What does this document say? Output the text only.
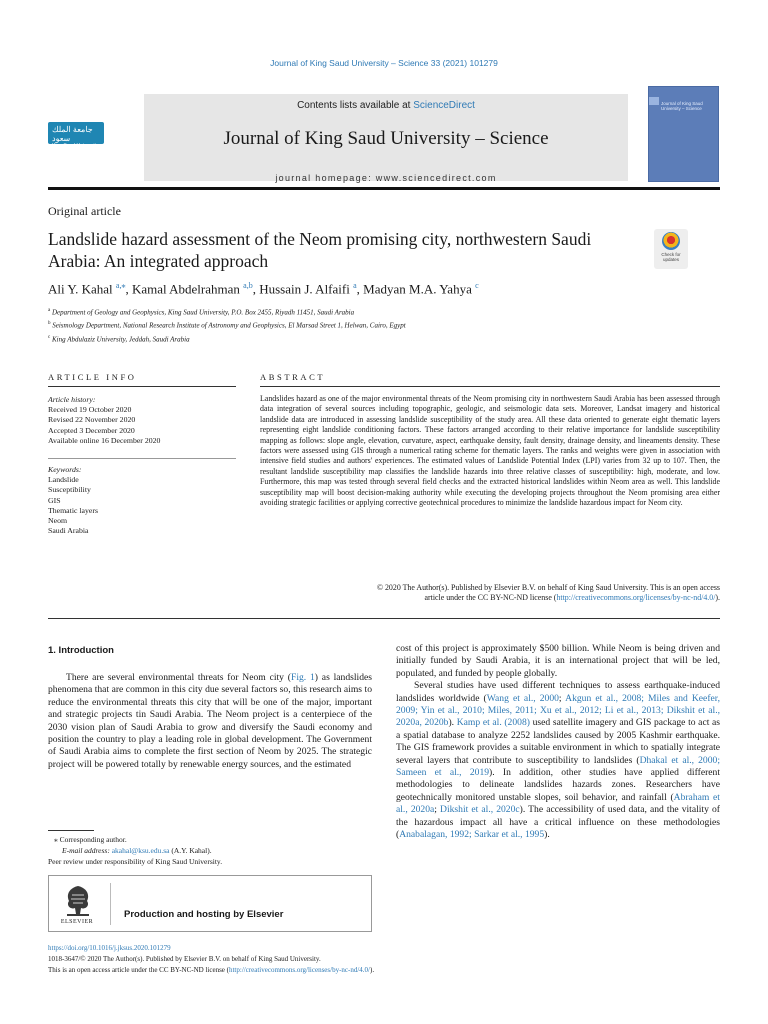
Journal of King Saud University – Science 33 (2021) 101279
جامعة الملك سعود
King Saud University
Contents lists available at ScienceDirect
Journal of King Saud University – Science
journal homepage: www.sciencedirect.com
Journal of King Saud University – Science
Original article
Landslide hazard assessment of the Neom promising city, northwestern Saudi Arabia: An integrated approach	Check for updates
Ali Y. Kahal $^{a,⁎}$, Kamal Abdelrahman $^{a,b}$, Hussain J. Alfaifi $^a$, Madyan M.A. Yahya $^c$
$^a$ Department of Geology and Geophysics, King Saud University, P.O. Box 2455, Riyadh 11451, Saudi Arabia
$^b$ Seismology Department, National Research Institute of Astronomy and Geophysics, El Marsad Street 1, Helwan, Cairo, Egypt
$^c$ King Abdulaziz University, Jeddah, Saudi Arabia
ARTICLE INFO	ABSTRACT
Article history:
Received 19 October 2020
Revised 22 November 2020
Accepted 3 December 2020
Available online 16 December 2020
Keywords:
Landslide
Susceptibility
GIS
Thematic layers
Neom
Saudi Arabia
Landslides hazard as one of the major environmental threats of the Neom promising city in northwestern Saudi Arabia has been assessed through data integration of several sources including topographic, geologic, and seismologic data sets. Moreover, Landsat imagery and historical landslide data are introduced in assessing landslide susceptibility of the study area. All these data oriented to generate eight thematic layers representing eight landslide conditioning factors. These factors arranged according to their relative importance for landslide susceptibility mapping as follows: slope angle, elevation, curvature, aspect, earthquake density, fault density, drainage density, and lineaments density. These factors were assessed using GIS through a numerical rating scheme for thematic layers. The ranks and weights were given in association with intensive field studies and authors' experiences. The estimated values of Landslide Potential Index (LPI) varies from 32 up to 107. Then, the resultant landslide susceptibility map classifies the landslide hazards into three relative classes of susceptibility: high, moderate, and low. Furthermore, this map was tested through several field checks and the extracted historical landslides within Neom area as well. This landslide susceptibility map will boost decision-making authority while executing the developing projects throughout the Neom promising area either avoiding strategic facilities or applying corrective geotechnical procedures to minimize the landslide hazardous impact for Neom city.
© 2020 The Author(s). Published by Elsevier B.V. on behalf of King Saud University. This is an open access
article under the CC BY-NC-ND license (http://creativecommons.org/licenses/by-nc-nd/4.0/).
1. Introduction
There are several environmental threats for Neom city (Fig. 1) as landslides phenomena that are common in this city due several factors so, this research aims to reduce the environmental threats this city that will be one of the major, important and strategic projects tin Saudi Arabia. The Neom project is a centerpiece of the 2030 vision plan of Saudi Arabia to grow and diversify the Saudi economy and position the country to play a leading role in global development. The Government of Saudi Arabia aims to complete the first section of Neom by 2025. The strategic project will be powered totally by renewable energy sources, and the estimated

cost of this project is approximately $500 billion. While Neom is being driven and initially funded by Saudi Arabia, it is an international project that will be led, populated, and funded by people globally.

Several studies have used different techniques to assess earthquake-induced landslides worldwide (Wang et al., 2000; Akgun et al., 2008; Miles and Keefer, 2009; Yin et al., 2010; Miles, 2011; Xu et al., 2012; Li et al., 2013; Dikshit et al., 2020a, 2020b). Kamp et al. (2008) used satellite imagery and GIS package to act as a spatial database to analyze 2252 landslides caused by 2005 Kashmir earthquake. The GIS framework provides a suitable environment in which to spatially integrate several layers that contribute to susceptibility to landslides (Dhakal et al., 2000; Sameen et al., 2019). In addition, other studies have applied different methodologies to delineate landslides hazards zones. Researchers have geotechnically monitored unstable slopes, soil behavior, and rainfall (Abraham et al., 2020a; Dikshit et al., 2020c). The accessibility of used data, and the vitality of the hazardous impact all have a critical influence on these methodologies (Anabalagan, 1992; Sarkar et al., 1995).

⁎ Corresponding author.
E-mail address: akahal@ksu.edu.sa (A.Y. Kahal).
Peer review under responsibility of King Saud University.
ELSEVIER
Production and hosting by Elsevier
https://doi.org/10.1016/j.jksus.2020.101279
1018-3647/© 2020 The Author(s). Published by Elsevier B.V. on behalf of King Saud University.
This is an open access article under the CC BY-NC-ND license (http://creativecommons.org/licenses/by-nc-nd/4.0/).
